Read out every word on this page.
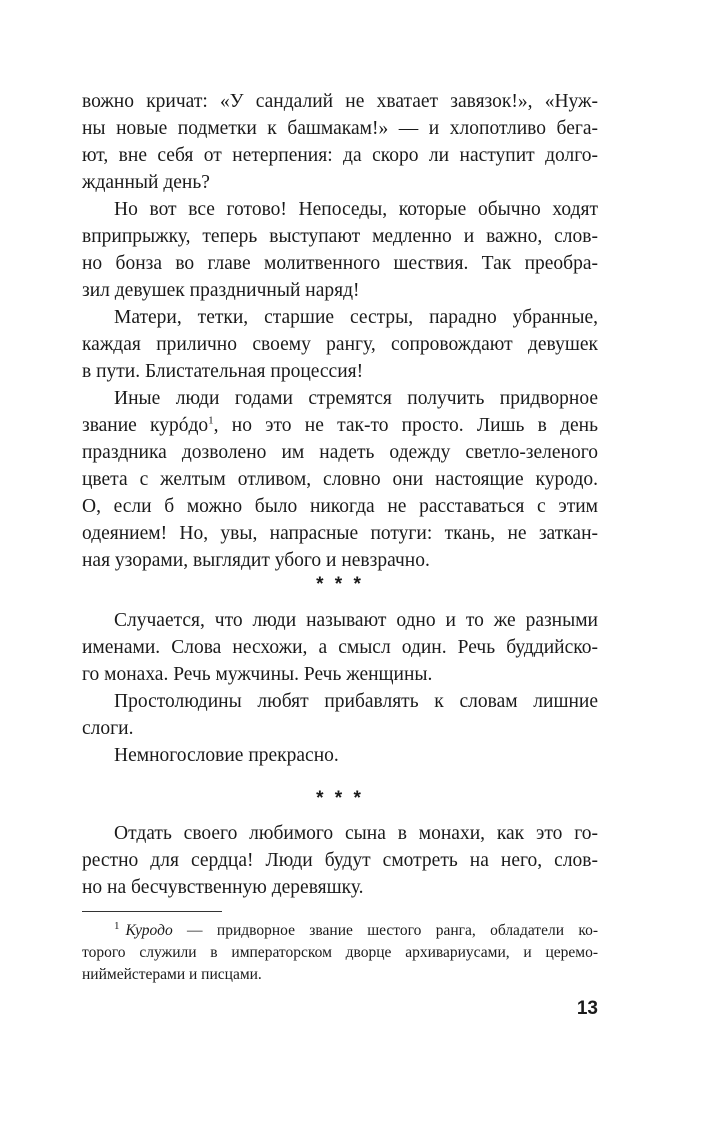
вожно кричат: «У сандалий не хватает завязок!», «Нуж-
ны новые подметки к башмакам!» — и хлопотливо бега-
ют, вне себя от нетерпения: да скоро ли наступит долго-
жданный день?
Но вот все готово! Непоседы, которые обычно ходят
вприпрыжку, теперь выступают медленно и важно, слов-
но бонза во главе молитвенного шествия. Так преобра-
зил девушек праздничный наряд!
Матери, тетки, старшие сестры, парадно убранные,
каждая прилично своему рангу, сопровождают девушек
в пути. Блистательная процессия!
Иные люди годами стремятся получить придворное
звание курóдо$^1$, но это не так-то просто. Лишь в день
праздника дозволено им надеть одежду светло-зеленого
цвета с желтым отливом, словно они настоящие куродо.
О, если б можно было никогда не расставаться с этим
одеянием! Но, увы, напрасные потуги: ткань, не заткан-
ная узорами, выглядит убого и невзрачно.
* * *
Случается, что люди называют одно и то же разными
именами. Слова несхожи, а смысл один. Речь буддийско-
го монаха. Речь мужчины. Речь женщины.
Простолюдины любят прибавлять к словам лишние
слоги.
Немногословие прекрасно.
* * *
Отдать своего любимого сына в монахи, как это го-
рестно для сердца! Люди будут смотреть на него, слов-
но на бесчувственную деревяшку.
$^1$ Куродо — придворное звание шестого ранга, обладатели ко-
торого служили в императорском дворце архивариусами, и церемо-
ниймейстерами и писцами.
13
